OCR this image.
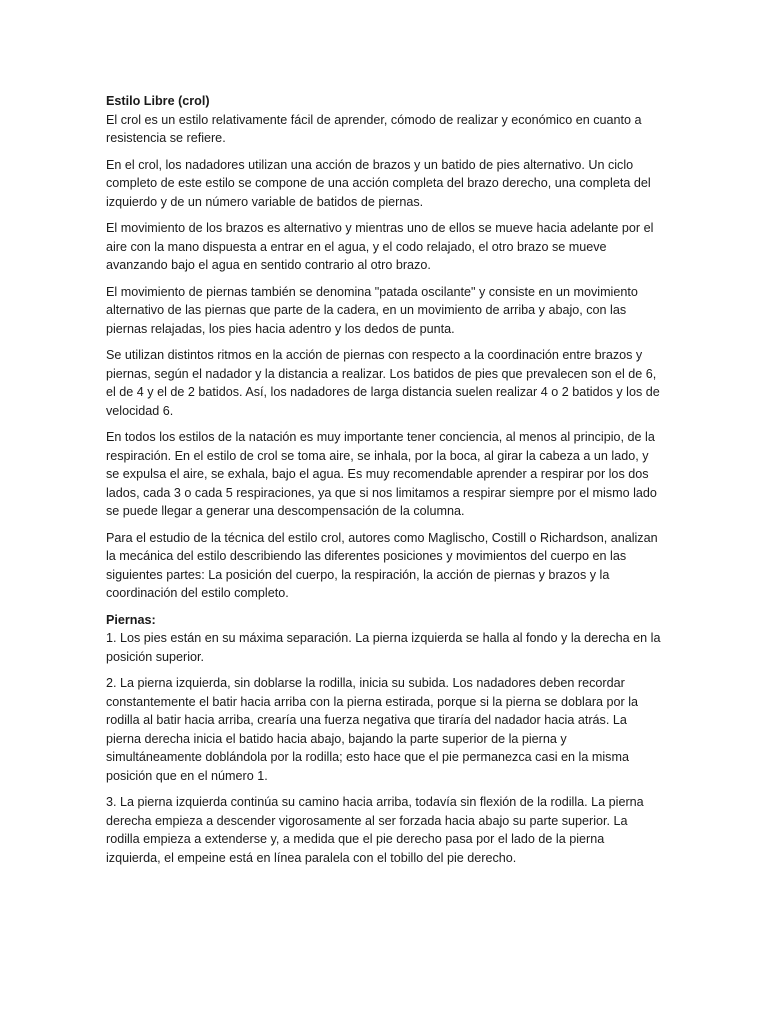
Estilo Libre (crol)
El crol es un estilo relativamente fácil de aprender, cómodo de realizar y económico en cuanto a resistencia se refiere.

En el crol, los nadadores utilizan una acción de brazos y un batido de pies alternativo. Un ciclo completo de este estilo se compone de una acción completa del brazo derecho, una completa del izquierdo y de un número variable de batidos de piernas.

El movimiento de los brazos es alternativo y mientras uno de ellos se mueve hacia adelante por el aire con la mano dispuesta a entrar en el agua, y el codo relajado, el otro brazo se mueve avanzando bajo el agua en sentido contrario al otro brazo.

El movimiento de piernas también se denomina "patada oscilante" y consiste en un movimiento alternativo de las piernas que parte de la cadera, en un movimiento de arriba y abajo, con las piernas relajadas, los pies hacia adentro y los dedos de punta.

Se utilizan distintos ritmos en la acción de piernas con respecto a la coordinación entre brazos y piernas, según el nadador y la distancia a realizar. Los batidos de pies que prevalecen son el de 6, el de 4 y el de 2 batidos. Así, los nadadores de larga distancia suelen realizar 4 o 2 batidos y los de velocidad 6.

En todos los estilos de la natación es muy importante tener conciencia, al menos al principio, de la respiración. En el estilo de crol se toma aire, se inhala, por la boca, al girar la cabeza a un lado, y se expulsa el aire, se exhala, bajo el agua. Es muy recomendable aprender a respirar por los dos lados, cada 3 o cada 5 respiraciones, ya que si nos limitamos a respirar siempre por el mismo lado se puede llegar a generar una descompensación de la columna.

Para el estudio de la técnica del estilo crol, autores como Maglischo, Costill o Richardson, analizan la mecánica del estilo describiendo las diferentes posiciones y movimientos del cuerpo en las siguientes partes: La posición del cuerpo, la respiración, la acción de piernas y brazos y la coordinación del estilo completo.

Piernas:
1. Los pies están en su máxima separación. La pierna izquierda se halla al fondo y la derecha en la posición superior.

2. La pierna izquierda, sin doblarse la rodilla, inicia su subida. Los nadadores deben recordar constantemente el batir hacia arriba con la pierna estirada, porque si la pierna se doblara por la rodilla al batir hacia arriba, crearía una fuerza negativa que tiraría del nadador hacia atrás. La pierna derecha inicia el batido hacia abajo, bajando la parte superior de la pierna y simultáneamente doblándola por la rodilla; esto hace que el pie permanezca casi en la misma posición que en el número 1.

3. La pierna izquierda continúa su camino hacia arriba, todavía sin flexión de la rodilla. La pierna derecha empieza a descender vigorosamente al ser forzada hacia abajo su parte superior. La rodilla empieza a extenderse y, a medida que el pie derecho pasa por el lado de la pierna izquierda, el empeine está en línea paralela con el tobillo del pie derecho.
